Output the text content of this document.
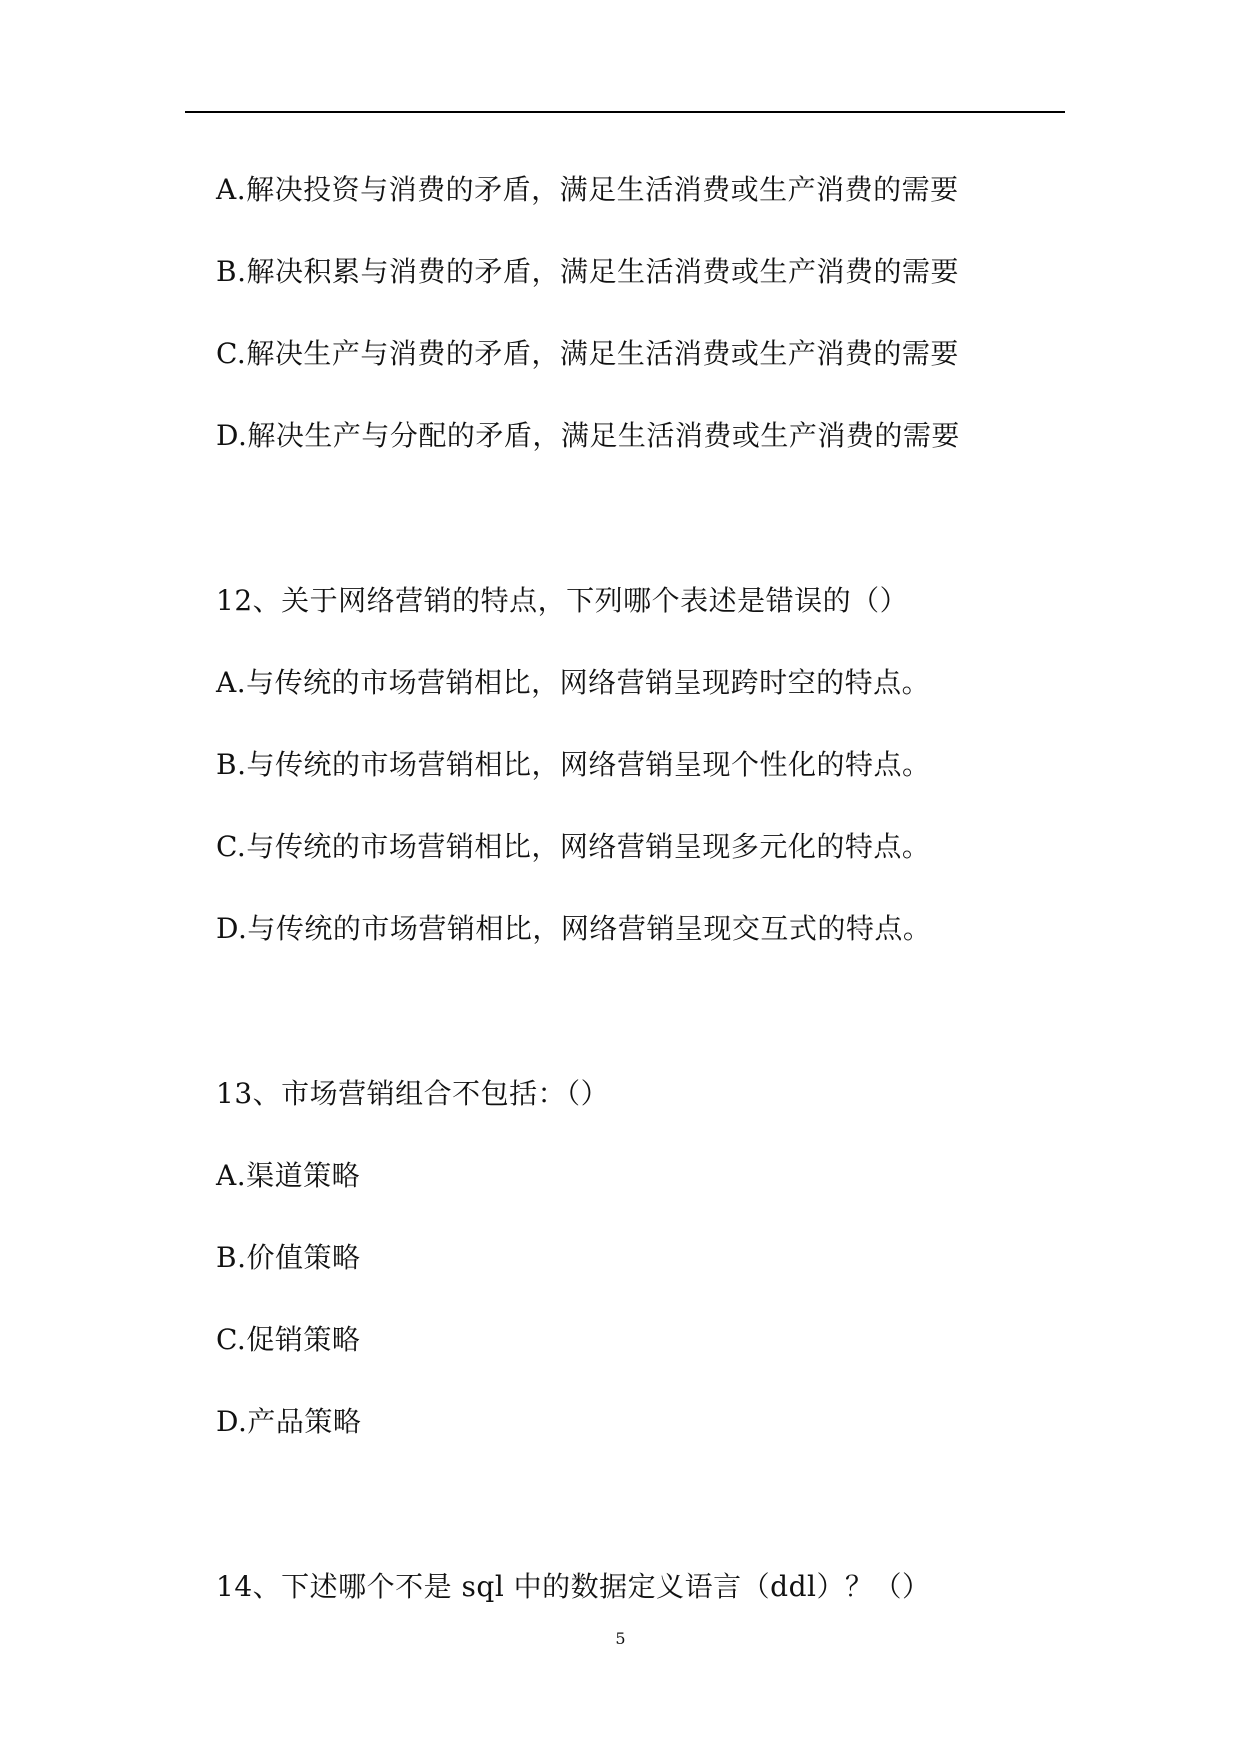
A.解决投资与消费的矛盾，满足生活消费或生产消费的需要
B.解决积累与消费的矛盾，满足生活消费或生产消费的需要
C.解决生产与消费的矛盾，满足生活消费或生产消费的需要
D.解决生产与分配的矛盾，满足生活消费或生产消费的需要
12、关于网络营销的特点，下列哪个表述是错误的（）
A.与传统的市场营销相比，网络营销呈现跨时空的特点。
B.与传统的市场营销相比，网络营销呈现个性化的特点。
C.与传统的市场营销相比，网络营销呈现多元化的特点。
D.与传统的市场营销相比，网络营销呈现交互式的特点。
13、市场营销组合不包括：（）
A.渠道策略
B.价值策略
C.促销策略
D.产品策略
14、下述哪个不是 sql 中的数据定义语言（ddl）？（）
5
